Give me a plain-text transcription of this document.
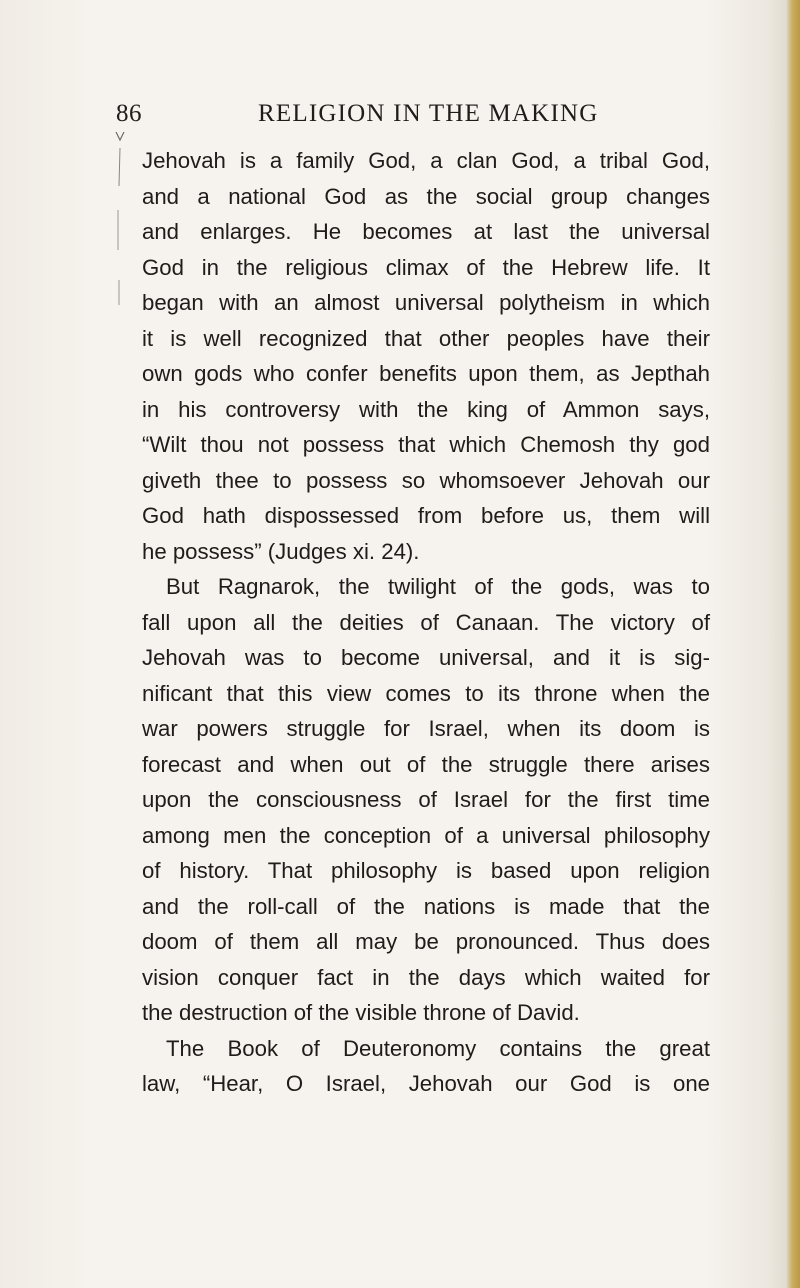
86	RELIGION IN THE MAKING
Jehovah is a family God, a clan God, a tribal God,
and a national God as the social group changes
and enlarges. He becomes at last the universal
God in the religious climax of the Hebrew life. It
began with an almost universal polytheism in which
it is well recognized that other peoples have their
own gods who confer benefits upon them, as Jepthah
in his controversy with the king of Ammon says,
“Wilt thou not possess that which Chemosh thy god
giveth thee to possess so whomsoever Jehovah our
God hath dispossessed from before us, them will
he possess” (Judges xi. 24).
But Ragnarok, the twilight of the gods, was to
fall upon all the deities of Canaan. The victory of
Jehovah was to become universal, and it is sig-
nificant that this view comes to its throne when the
war powers struggle for Israel, when its doom is
forecast and when out of the struggle there arises
upon the consciousness of Israel for the first time
among men the conception of a universal philosophy
of history. That philosophy is based upon religion
and the roll-call of the nations is made that the
doom of them all may be pronounced. Thus does
vision conquer fact in the days which waited for
the destruction of the visible throne of David.
The Book of Deuteronomy contains the great
law, “Hear, O Israel, Jehovah our God is one
